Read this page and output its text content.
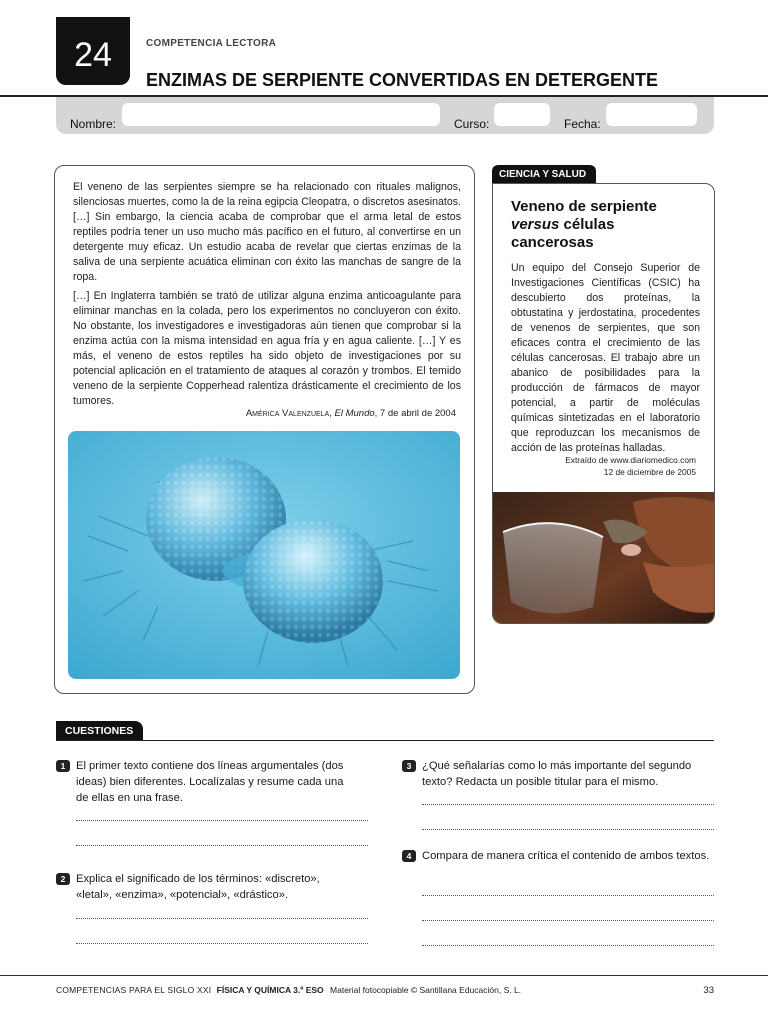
24	COMPETENCIA LECTORA
ENZIMAS DE SERPIENTE CONVERTIDAS EN DETERGENTE
Nombre:	Curso:	Fecha:

El veneno de las serpientes siempre se ha relacionado con rituales malignos, silenciosas muertes, como la de la reina egipcia Cleopatra, o discretos asesinatos. […] Sin embargo, la ciencia acaba de comprobar que el arma letal de estos reptiles podría tener un uso mucho más pacífico en el futuro, al convertirse en un detergente muy eficaz. Un estudio acaba de revelar que ciertas enzimas de la saliva de una serpiente acuática eliminan con éxito las manchas de sangre de la ropa.

[…] En Inglaterra también se trató de utilizar alguna enzima anticoagulante para eliminar manchas en la colada, pero los experimentos no concluyeron con éxito. No obstante, los investigadores e investigadoras aún tienen que comprobar si la enzima actúa con la misma intensidad en agua fría y en agua caliente. […] Y es más, el veneno de estos reptiles ha sido objeto de investigaciones por su potencial aplicación en el tratamiento de ataques al corazón y trombos. El temido veneno de la serpiente Copperhead ralentiza drásticamente el crecimiento de los tumores.

América Valenzuela, El Mundo, 7 de abril de 2004
CIENCIA Y SALUD
Veneno de serpiente
versus células cancerosas
Un equipo del Consejo Superior de Investigaciones Científicas (CSIC) ha descubierto dos proteínas, la obtustatina y jerdostatina, procedentes de venenos de serpientes, que son eficaces contra el crecimiento de las células cancerosas. El trabajo abre un abanico de posibilidades para la producción de fármacos de mayor potencial, a partir de moléculas químicas sintetizadas en el laboratorio que reproduzcan los mecanismos de acción de las proteínas halladas.
Extraído de www.diariomedico.com
12 de diciembre de 2005
CUESTIONES
1 El primer texto contiene dos líneas argumentales (dos ideas) bien diferentes. Localízalas y resume cada una de ellas en una frase.
2 Explica el significado de los términos: «discreto», «letal», «enzima», «potencial», «drástico».
3 ¿Qué señalarías como lo más importante del segundo texto? Redacta un posible titular para el mismo.
4 Compara de manera crítica el contenido de ambos textos.
COMPETENCIAS PARA EL SIGLO XXI FÍSICA Y QUÍMICA 3.º ESO Material fotocopiable © Santillana Educación, S. L.	33
